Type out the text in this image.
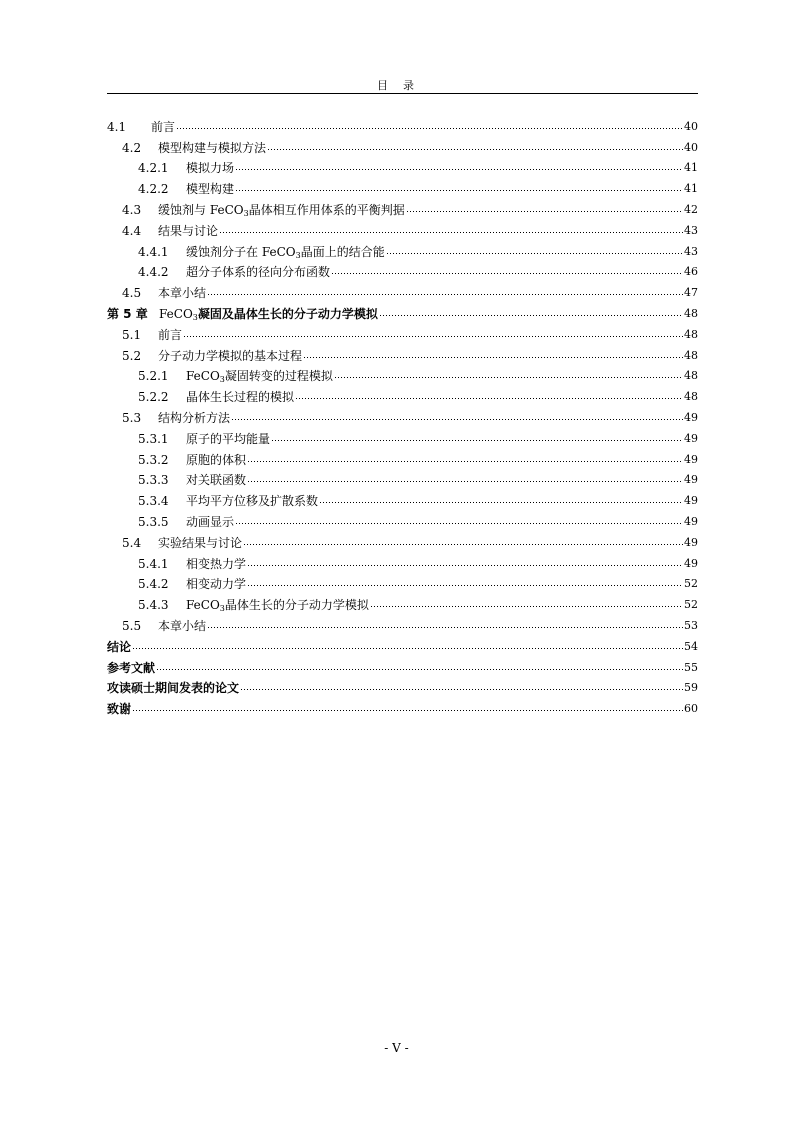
目　录
4.1	前言	40
4.2	模型构建与模拟方法	40
4.2.1	模拟力场	41
4.2.2	模型构建	41
4.3	缓蚀剂与 FeCO$_3$晶体相互作用体系的平衡判据	42
4.4	结果与讨论	43
4.4.1	缓蚀剂分子在 FeCO$_3$晶面上的结合能	43
4.4.2	超分子体系的径向分布函数	46
4.5	本章小结	47
第 5 章 FeCO$_3$凝固及晶体生长的分子动力学模拟	48
5.1	前言	48
5.2	分子动力学模拟的基本过程	48
5.2.1	FeCO$_3$凝固转变的过程模拟	48
5.2.2	晶体生长过程的模拟	48
5.3	结构分析方法	49
5.3.1	原子的平均能量	49
5.3.2	原胞的体积	49
5.3.3	对关联函数	49
5.3.4	平均平方位移及扩散系数	49
5.3.5	动画显示	49
5.4	实验结果与讨论	49
5.4.1	相变热力学	49
5.4.2	相变动力学	52
5.4.3	FeCO$_3$晶体生长的分子动力学模拟	52
5.5	本章小结	53
结论	54
参考文献	55
攻读硕士期间发表的论文	59
致谢	60
- V -
